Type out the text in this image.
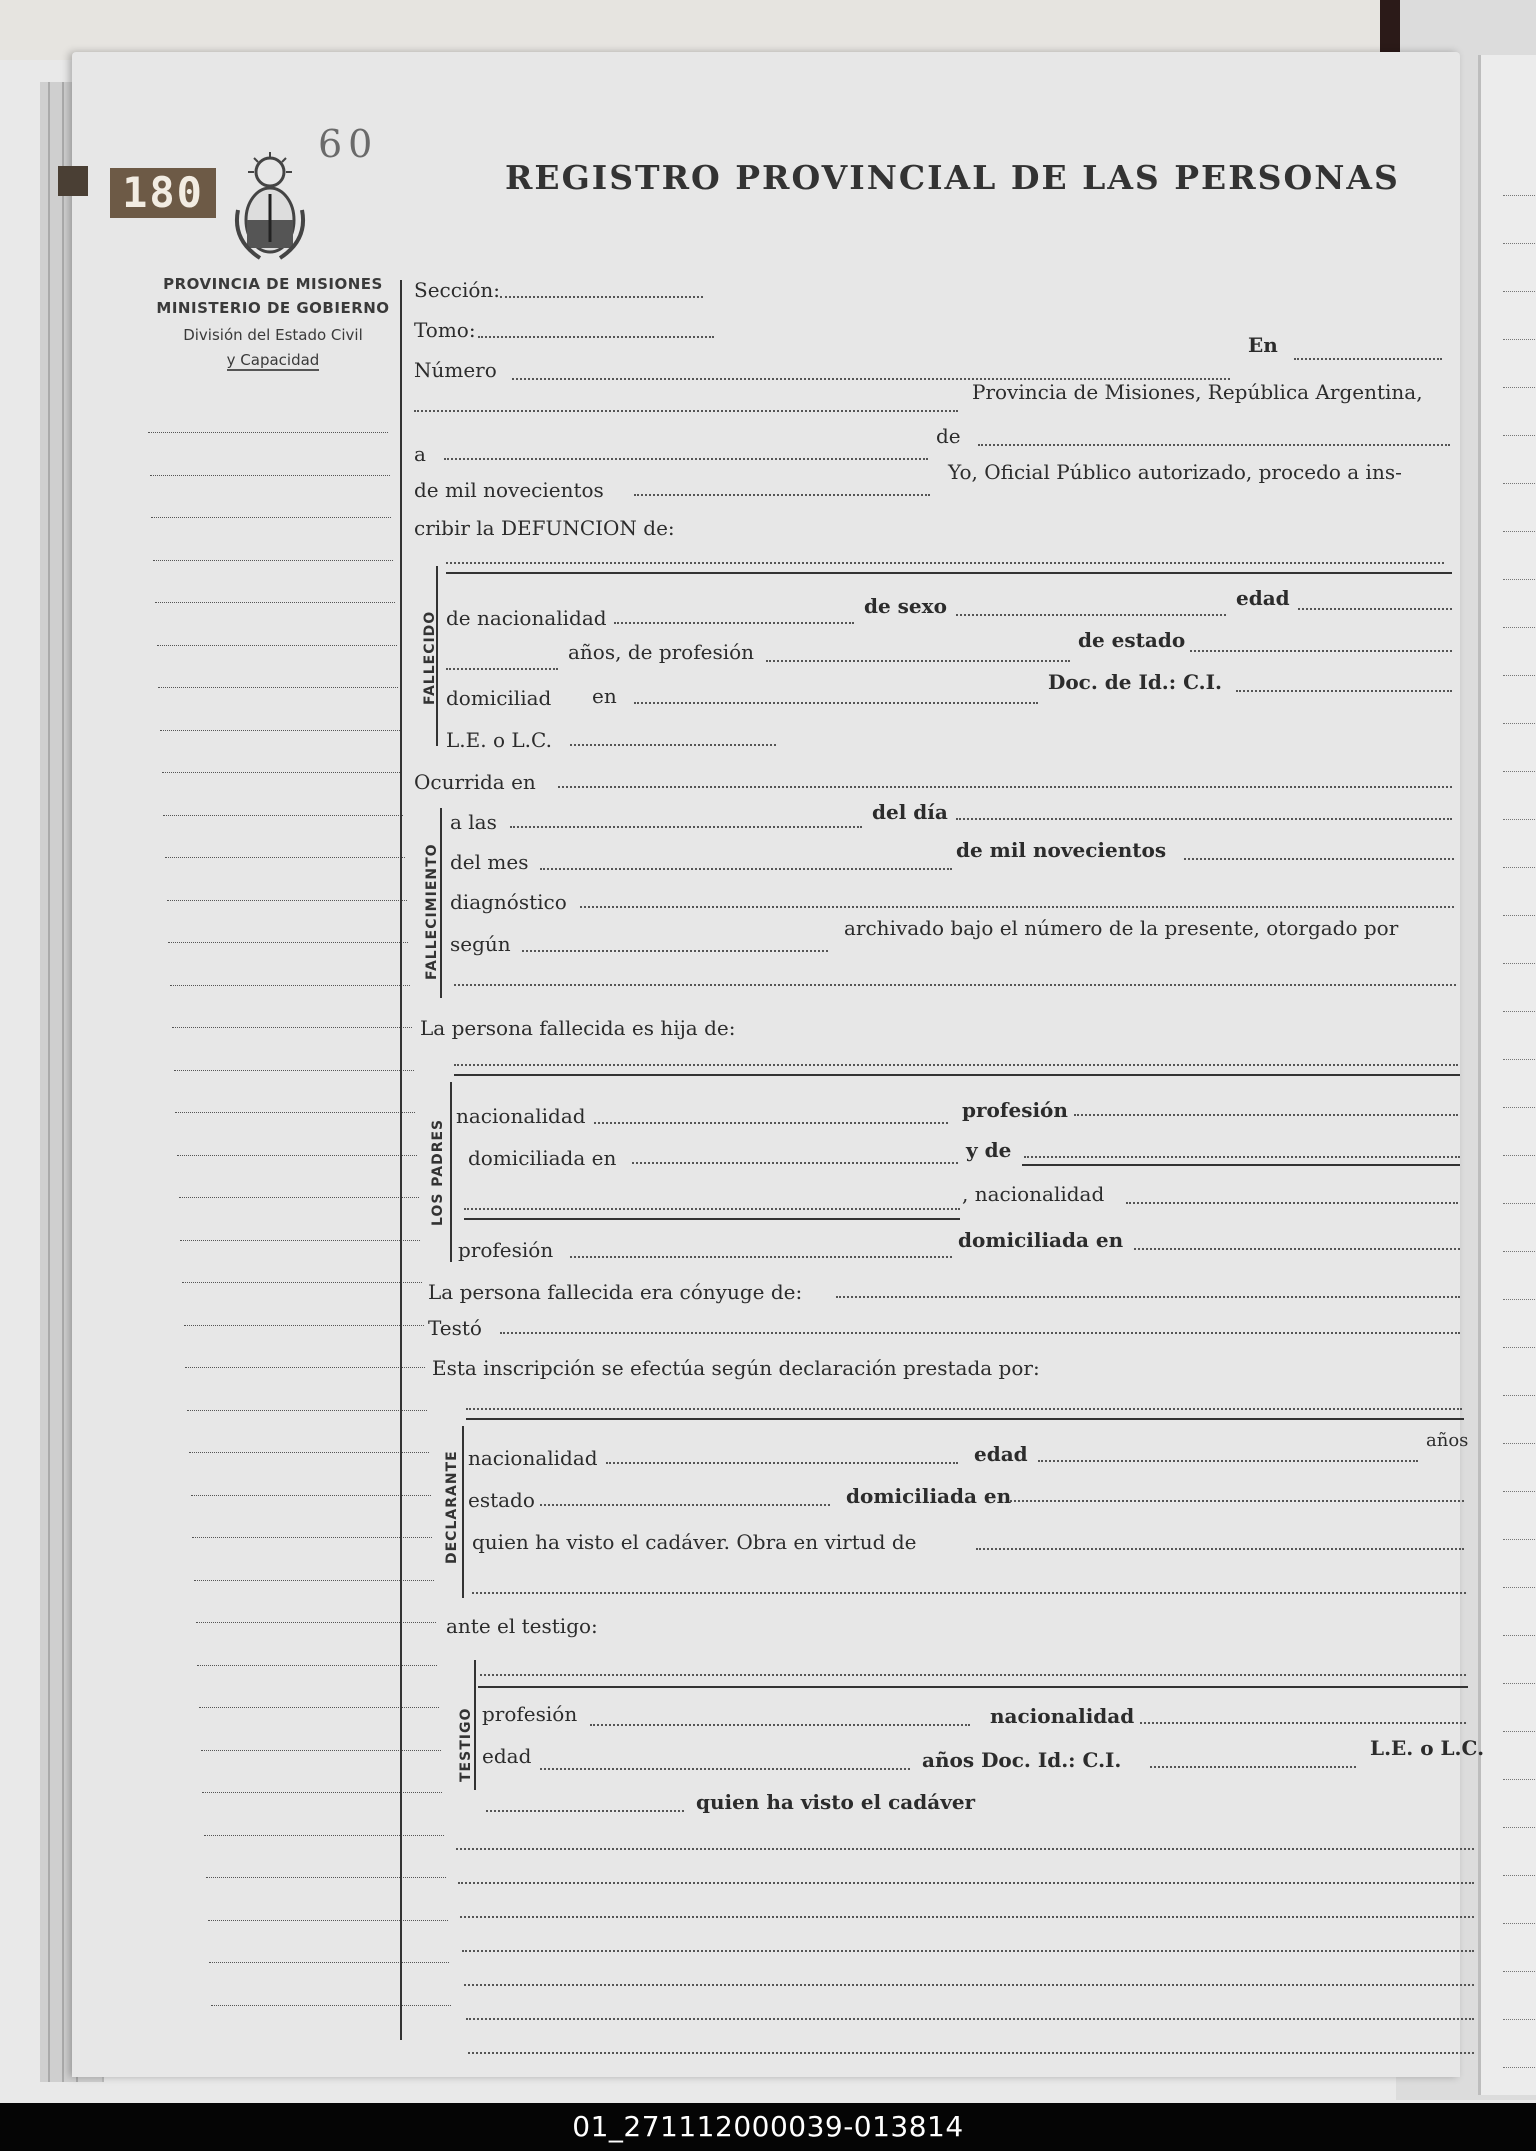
180
60
REGISTRO PROVINCIAL DE LAS PERSONAS
PROVINCIA DE MISIONES
MINISTERIO DE GOBIERNO
División del Estado Civil
y Capacidad
Sección:
Tomo:
Número
En
Provincia de Misiones, República Argentina,
a
de
de mil novecientos
Yo, Oficial Público autorizado, procedo a ins-
cribir la DEFUNCION de:
FALLECIDO de nacionalidad	de sexo	edad
años, de profesión	de estado
domiciliad en
Doc. de Id.: C.I.
L.E. o L.C.
Ocurrida en
FALLECIMIENTO
a las	del día
del mes	de mil novecientos
diagnóstico
según
archivado bajo el número de la presente, otorgado por
La persona fallecida es hija de:
LOS PADRES
nacionalidad	profesión
domiciliada en	y de
, nacionalidad
profesión	domiciliada en
La persona fallecida era cónyuge de:
Testó
Esta inscripción se efectúa según declaración prestada por:
DECLARANTE nacionalidad	edad
años
estado	domiciliada en
quien ha visto el cadáver. Obra en virtud de
ante el testigo:
TESTIGO profesión	nacionalidad
edad	años Doc. Id.: C.I.	L.E. o L.C.
quien ha visto el cadáver
01_271112000039-013814
